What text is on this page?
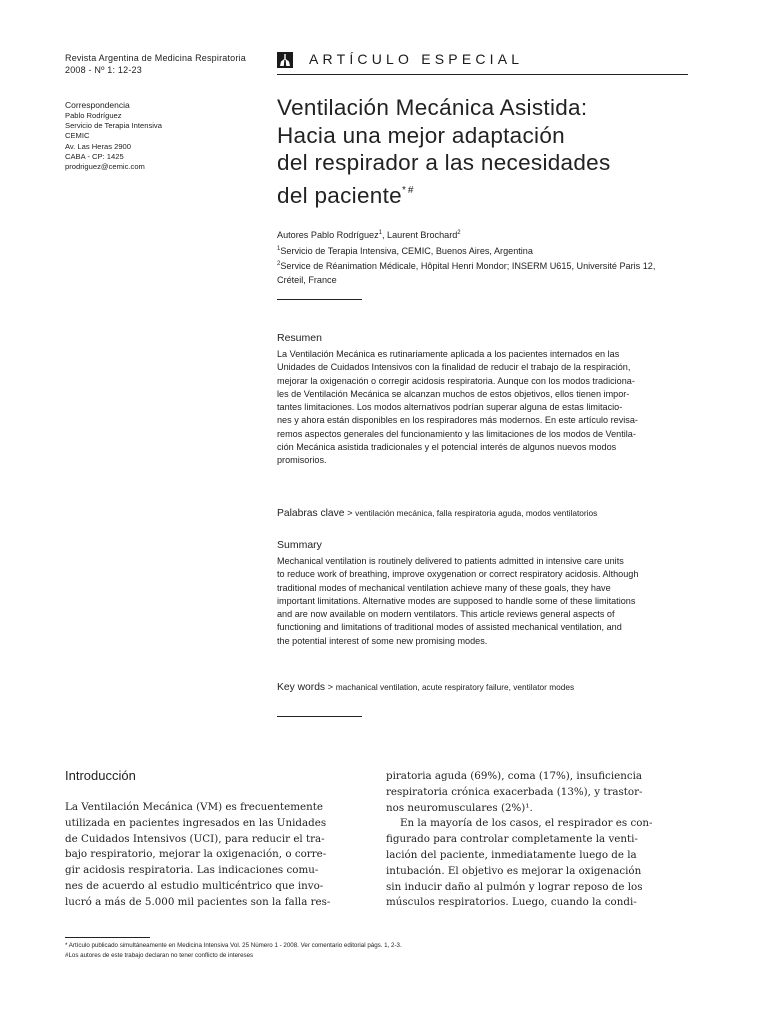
Revista Argentina de Medicina Respiratoria
2008 - Nº 1: 12-23
Correspondencia
Pablo Rodríguez
Servicio de Terapia Intensiva
CEMIC
Av. Las Heras 2900
CABA - CP: 1425
prodriguez@cemic.com
ARTÍCULO ESPECIAL
Ventilación Mecánica Asistida:
Hacia una mejor adaptación
del respirador a las necesidades
del paciente*#
Autores Pablo Rodríguez$^1$, Laurent Brochard$^2$
$^1$Servicio de Terapia Intensiva, CEMIC, Buenos Aires, Argentina
$^2$Service de Réanimation Médicale, Hôpital Henri Mondor; INSERM U615, Université Paris 12,
Créteil, France
Resumen
La Ventilación Mecánica es rutinariamente aplicada a los pacientes internados en las
Unidades de Cuidados Intensivos con la finalidad de reducir el trabajo de la respiración,
mejorar la oxigenación o corregir acidosis respiratoria. Aunque con los modos tradiciona-
les de Ventilación Mecánica se alcanzan muchos de estos objetivos, ellos tienen impor-
tantes limitaciones. Los modos alternativos podrían superar alguna de estas limitacio-
nes y ahora están disponibles en los respiradores más modernos. En este artículo revisa-
remos aspectos generales del funcionamiento y las limitaciones de los modos de Ventila-
ción Mecánica asistida tradicionales y el potencial interés de algunos nuevos modos
promisorios.
Palabras clave > ventilación mecánica, falla respiratoria aguda, modos ventilatorios
Summary
Mechanical ventilation is routinely delivered to patients admitted in intensive care units
to reduce work of breathing, improve oxygenation or correct respiratory acidosis. Although
traditional modes of mechanical ventilation achieve many of these goals, they have
important limitations. Alternative modes are supposed to handle some of these limitations
and are now available on modern ventilators. This article reviews general aspects of
functioning and limitations of traditional modes of assisted mechanical ventilation, and
the potential interest of some new promising modes.
Key words > machanical ventilation, acute respiratory failure, ventilator modes
Introducción
La Ventilación Mecánica (VM) es frecuentemente
utilizada en pacientes ingresados en las Unidades
de Cuidados Intensivos (UCI), para reducir el tra-
bajo respiratorio, mejorar la oxigenación, o corre-
gir acidosis respiratoria. Las indicaciones comu-
nes de acuerdo al estudio multicéntrico que invo-
lucró a más de 5.000 mil pacientes son la falla res-
piratoria aguda (69%), coma (17%), insuficiencia
respiratoria crónica exacerbada (13%), y trastor-
nos neuromusculares (2%)¹.
En la mayoría de los casos, el respirador es con-
figurado para controlar completamente la venti-
lación del paciente, inmediatamente luego de la
intubación. El objetivo es mejorar la oxigenación
sin inducir daño al pulmón y lograr reposo de los
músculos respiratorios. Luego, cuando la condi-
* Artículo publicado simultáneamente en Medicina Intensiva Vol. 25 Número 1 - 2008. Ver comentario editorial págs. 1, 2-3.
#Los autores de este trabajo declaran no tener conflicto de intereses
